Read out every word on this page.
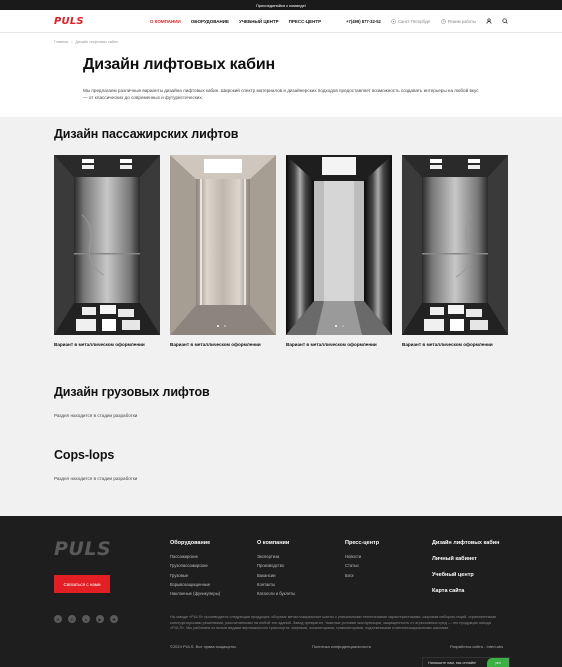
Присоединяйся к команде!
PULS	О КОМПАНИИ ОБОРУДОВАНИЕ УЧЕБНЫЙ ЦЕНТР ПРЕСС-ЦЕНТР	+7(499) 877-32-52	Санкт-Петербург	Режим работы
Главная | Дизайн лифтовых кабин
Дизайн лифтовых кабин

Мы предлагаем различные варианты дизайна лифтовых кабин. Широкий спектр материалов и дизайнерских подходов предоставляет возможность создавать интерьеры на любой вкус — от классических до современных и футуристических.

Дизайн пассажирских лифтов
Вариант в металлическом оформлении	Вариант в металлическом оформлении	Вариант в металлическом оформлении	Вариант в металлическом оформлении
Дизайн грузовых лифтов

Раздел находится в стадии разработки

Cops-lops

Раздел находится в стадии разработки

PULS
Связаться с нами
✈	✆	v	▶	✚
Оборудование
Пассажирские
Грузопассажирские
Грузовые
Взрывозащищенные
Наклонные (фуникулеры)
О компании
Экспертиза
Производство
Вакансии
Контакты
Каталоги и буклеты
Пресс-центр
Новости
Статьи
Блог
Дизайн лифтовых кабин
Личный кабинет
Учебный центр
Карта сайта

На заводе «PULS» производится следующая продукция: сборные металлокаркасные шахты с уникальными техническими характеристиками, широким набором опций, ограниченными конструкторскими решениями, рассчитанными на любой тип зданий. Завод превратил, тяжелые условия эксплуатации, защищенность от агрессивных сред — это продукция завода «PULS». Мы работаем со всеми видами вертикального транспорта: лифтами, эскалаторами, траволаторами, подъемниками и металлокаркасными шахтами.

©2024 PULS. Все права защищены.	Политика конфиденциальности	Разработка сайта - InterLabs
Напишите нам, мы онлайн!	pro
